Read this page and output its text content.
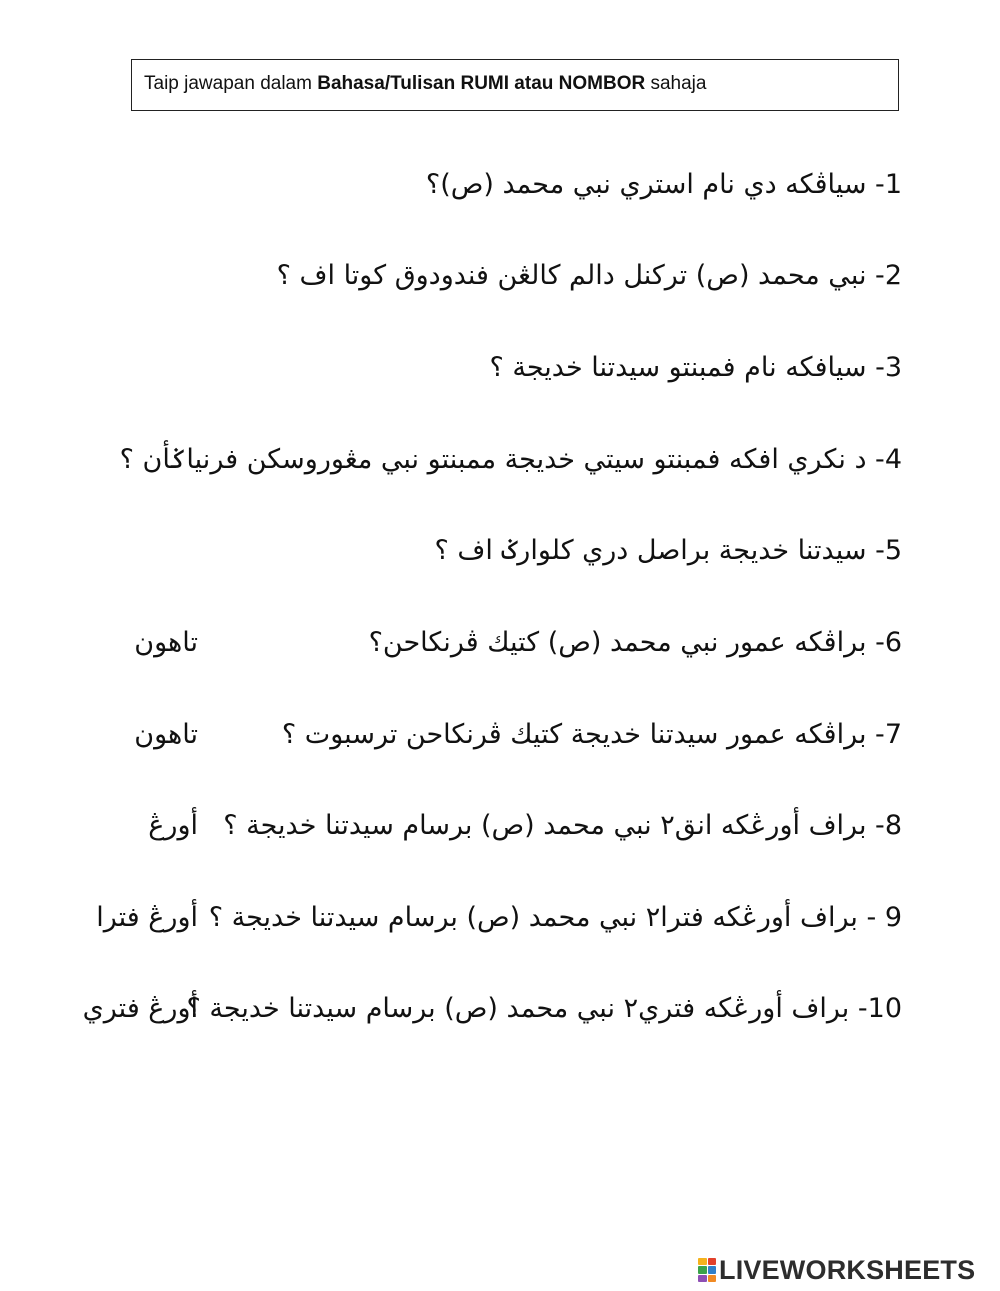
Taip jawapan dalam Bahasa/Tulisan RUMI atau NOMBOR sahaja
1- سياڤكه دي نام استري نبي محمد (ص)؟
2- نبي محمد (ص) تركنل دالم كالڠن فندودوق كوتا اف ؟
3- سيافكه نام فمبنتو سيدتنا خديجة ؟
4- د نكري افكه فمبنتو سيتي خديجة ممبنتو نبي مڠوروسكن فرنياݢأن ؟
5- سيدتنا خديجة براصل دري كلوارݢ اف ؟
6- براڤكه عمور نبي محمد (ص) كتيك ڤرنكاحن؟
تاهون
7- براڤكه عمور سيدتنا خديجة كتيك ڤرنكاحن ترسبوت ؟
تاهون
8- براف أورڠكه انق٢ نبي محمد (ص) برسام سيدتنا خديجة ؟
أورڠ
9 - براف أورڠكه فترا٢ نبي محمد (ص) برسام سيدتنا خديجة ؟
أورڠ فترا
10- براف أورڠكه فتري٢ نبي محمد (ص) برسام سيدتنا خديجة ؟
أورڠ فتري
LIVEWORKSHEETS
